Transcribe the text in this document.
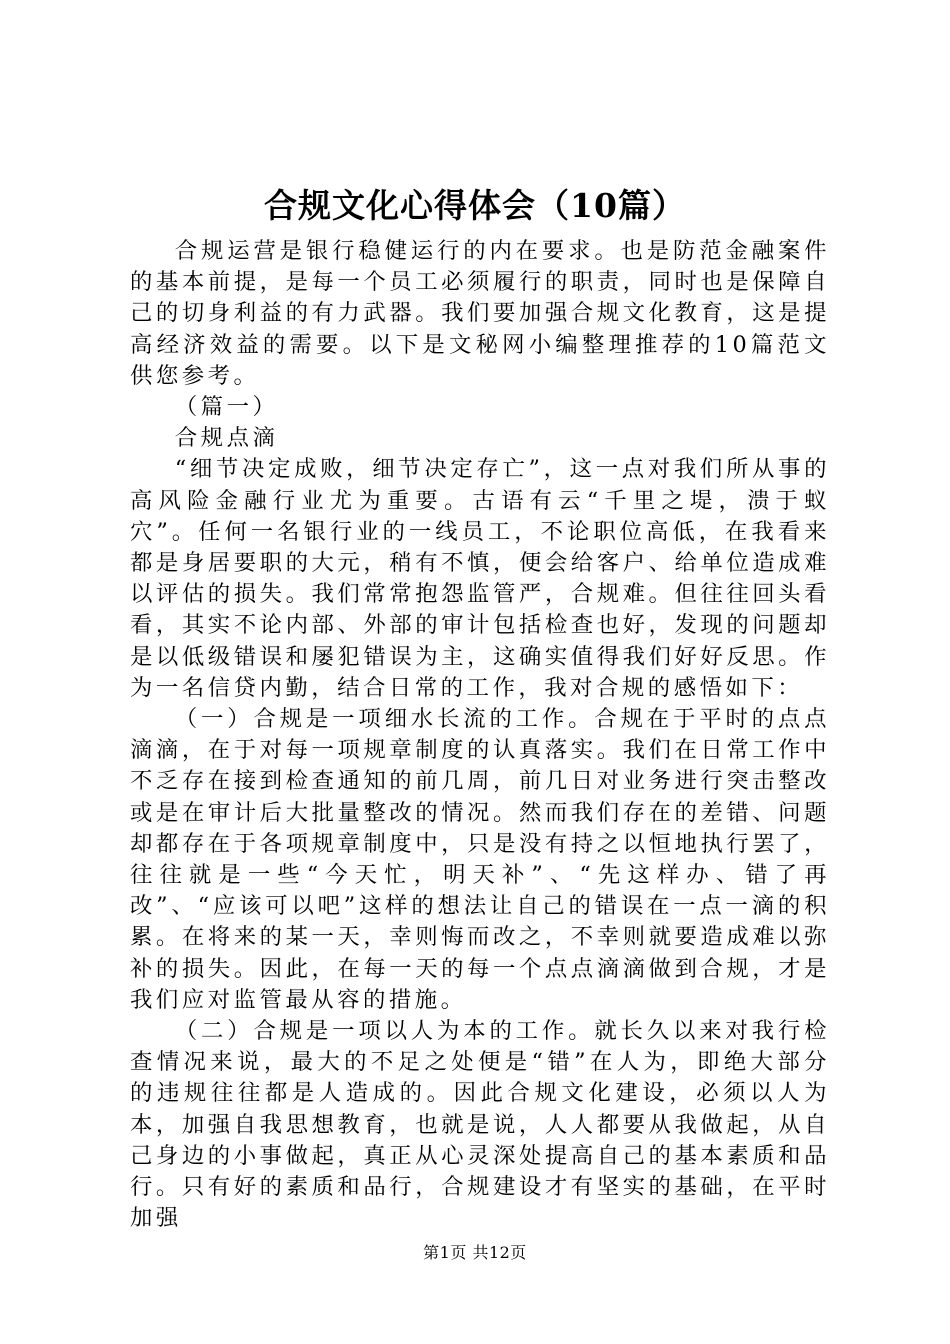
合规文化心得体会（10篇）

合规运营是银行稳健运行的内在要求。也是防范金融案件的基本前提，是每一个员工必须履行的职责，同时也是保障自己的切身利益的有力武器。我们要加强合规文化教育，这是提高经济效益的需要。以下是文秘网小编整理推荐的10篇范文供您参考。

（篇一）

合规点滴

“细节决定成败，细节决定存亡”，这一点对我们所从事的高风险金融行业尤为重要。古语有云“千里之堤，溃于蚁穴”。任何一名银行业的一线员工，不论职位高低，在我看来都是身居要职的大元，稍有不慎，便会给客户、给单位造成难以评估的损失。我们常常抱怨监管严，合规难。但往往回头看看，其实不论内部、外部的审计包括检查也好，发现的问题却是以低级错误和屡犯错误为主，这确实值得我们好好反思。作为一名信贷内勤，结合日常的工作，我对合规的感悟如下：

（一）合规是一项细水长流的工作。合规在于平时的点点滴滴，在于对每一项规章制度的认真落实。我们在日常工作中不乏存在接到检查通知的前几周，前几日对业务进行突击整改或是在审计后大批量整改的情况。然而我们存在的差错、问题却都存在于各项规章制度中，只是没有持之以恒地执行罢了，往往就是一些“今天忙，明天补”、“先这样办、错了再改”、“应该可以吧”这样的想法让自己的错误在一点一滴的积累。在将来的某一天，幸则悔而改之，不幸则就要造成难以弥补的损失。因此，在每一天的每一个点点滴滴做到合规，才是我们应对监管最从容的措施。

（二）合规是一项以人为本的工作。就长久以来对我行检查情况来说，最大的不足之处便是“错”在人为，即绝大部分的违规往往都是人造成的。因此合规文化建设，必须以人为本，加强自我思想教育，也就是说，人人都要从我做起，从自己身边的小事做起，真正从心灵深处提高自己的基本素质和品行。只有好的素质和品行，合规建设才有坚实的基础，在平时加强

第1页 共12页
